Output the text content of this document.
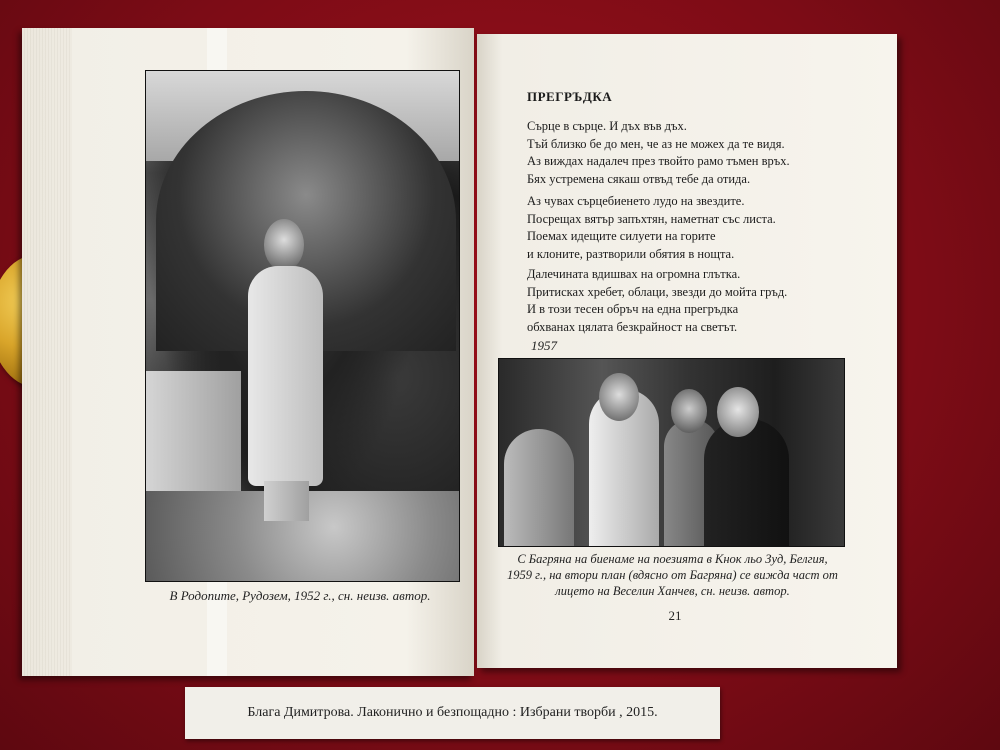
В Родопите, Рудозем, 1952 г., сн. неизв. автор.
ПРЕГРЪДКА
Сърце в сърце. И дъх във дъх.
Тъй близко бе до мен, че аз не можех да те видя.
Аз виждах надалеч през твойто рамо тъмен връх.
Бях устремена сякаш отвъд тебе да отида.
Аз чувах сърцебиенето лудо на звездите.
Посрещах вятър запъхтян, наметнат със листа.
Поемах идещите силуети на горите
и клоните, разтворили обятия в нощта.
Далечината вдишвах на огромна глътка.
Притисках хребет, облаци, звезди до мойта гръд.
И в този тесен обръч на една прегръдка
обхванах цялата безкрайност на светът.
1957
С Багряна на биенаме на поезията в Кнок льо Зуд, Белгия,
1959 г., на втори план (вдясно от Багряна) се вижда част от
лицето на Веселин Ханчев, сн. неизв. автор.
21
Блага Димитрова. Лаконично и безпощадно : Избрани творби , 2015.
